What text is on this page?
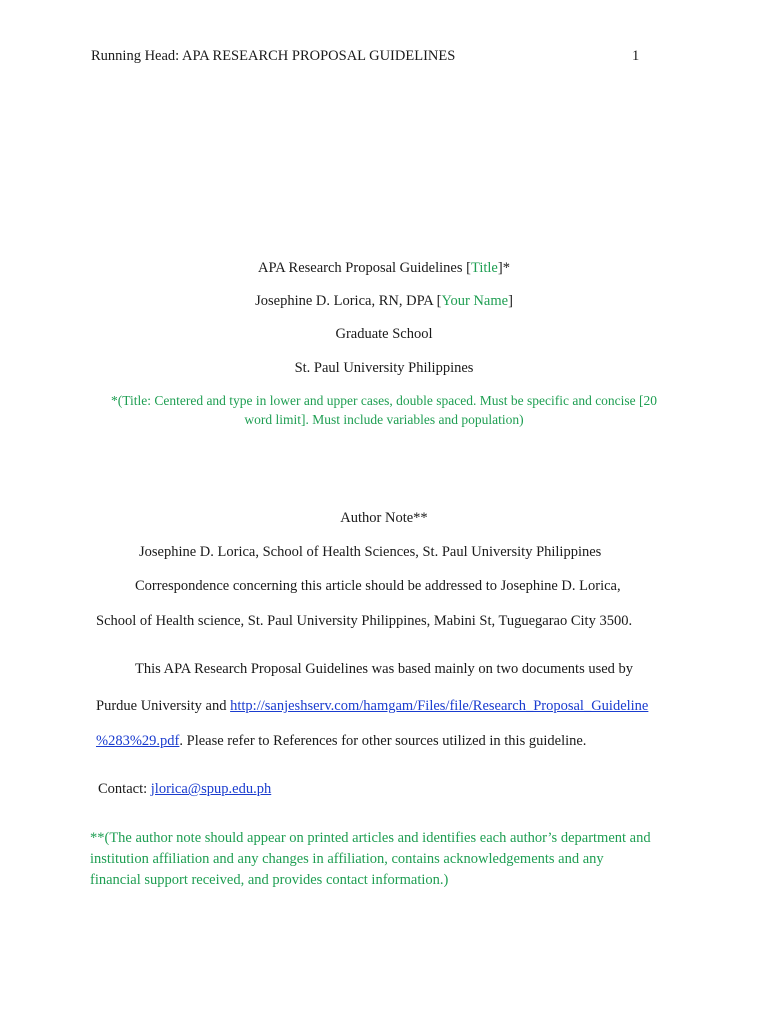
Running Head: APA RESEARCH PROPOSAL GUIDELINES	1
APA Research Proposal Guidelines [Title]*
Josephine D. Lorica, RN, DPA [Your Name]
Graduate School
St. Paul University Philippines
*(Title: Centered and type in lower and upper cases, double spaced. Must be specific and concise [20
word limit]. Must include variables and population)
Author Note**
Josephine D. Lorica, School of Health Sciences, St. Paul University Philippines
Correspondence concerning this article should be addressed to Josephine D. Lorica,
School of Health science, St. Paul University Philippines, Mabini St, Tuguegarao City 3500.
This APA Research Proposal Guidelines was based mainly on two documents used by
Purdue University and http://sanjeshserv.com/hamgam/Files/file/Research_Proposal_Guideline
%283%29.pdf. Please refer to References for other sources utilized in this guideline.
Contact: jlorica@spup.edu.ph
**(The author note should appear on printed articles and identifies each author’s department and
institution affiliation and any changes in affiliation, contains acknowledgements and any
financial support received, and provides contact information.)
